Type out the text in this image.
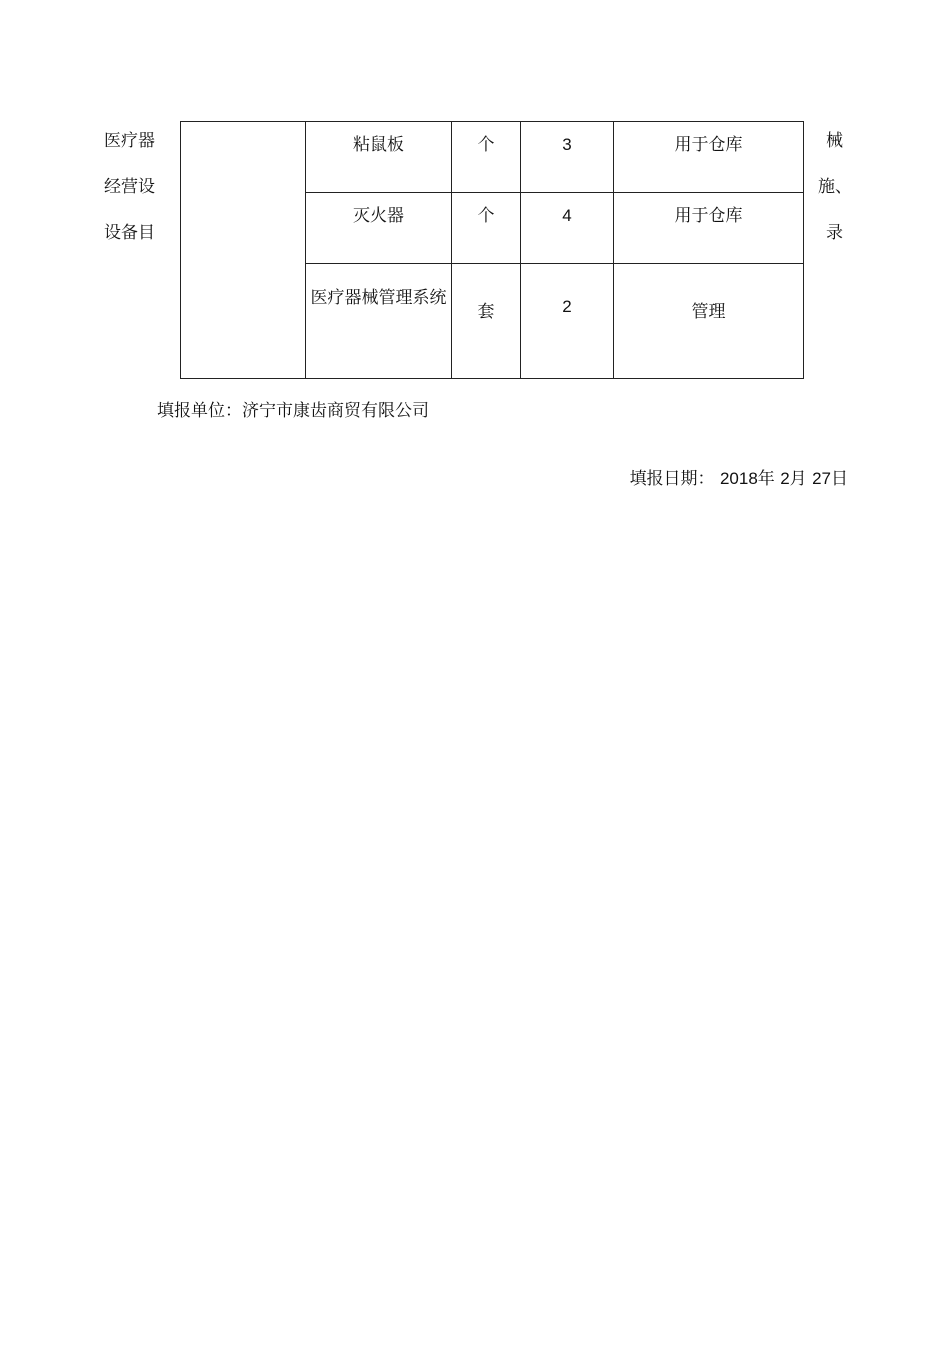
医疗器
经营设
设备目

	粘鼠板	个	3	用于仓库

	灭火器	个	4	用于仓库

	医疗器械管理系统	套	2	管理
械
施、
录
填报单位：济宁市康齿商贸有限公司
填报日期： 2018年 2月 27日
